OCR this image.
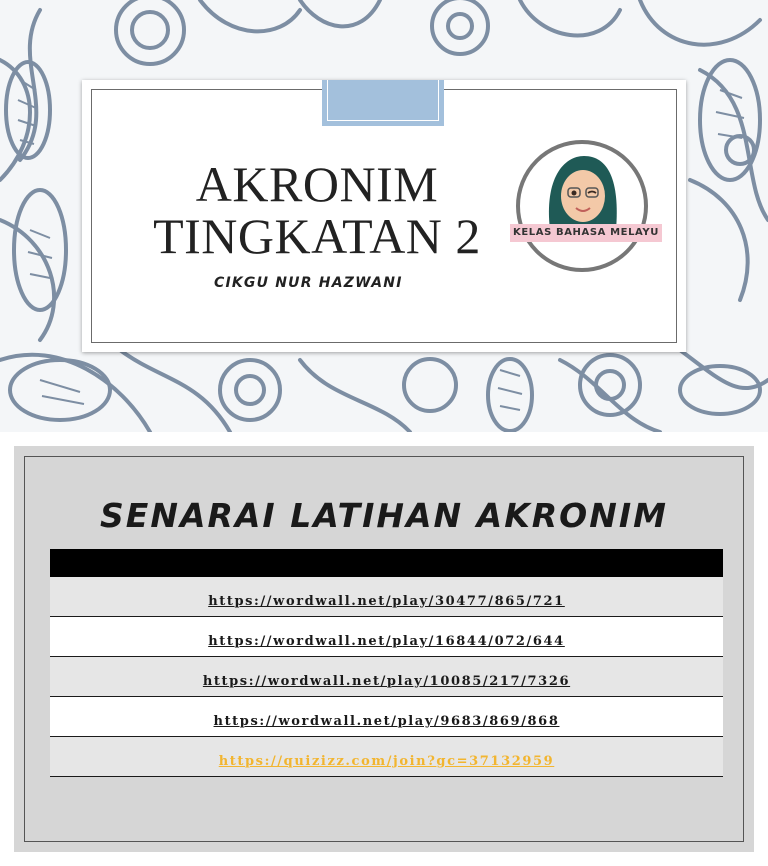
AKRONIM
TINGKATAN 2
CIKGU NUR HAZWANI
KELAS BAHASA MELAYU
SENARAI LATIHAN AKRONIM
https://wordwall.net/play/30477/865/721
https://wordwall.net/play/16844/072/644
https://wordwall.net/play/10085/217/7326
https://wordwall.net/play/9683/869/868
https://quizizz.com/join?gc=37132959
